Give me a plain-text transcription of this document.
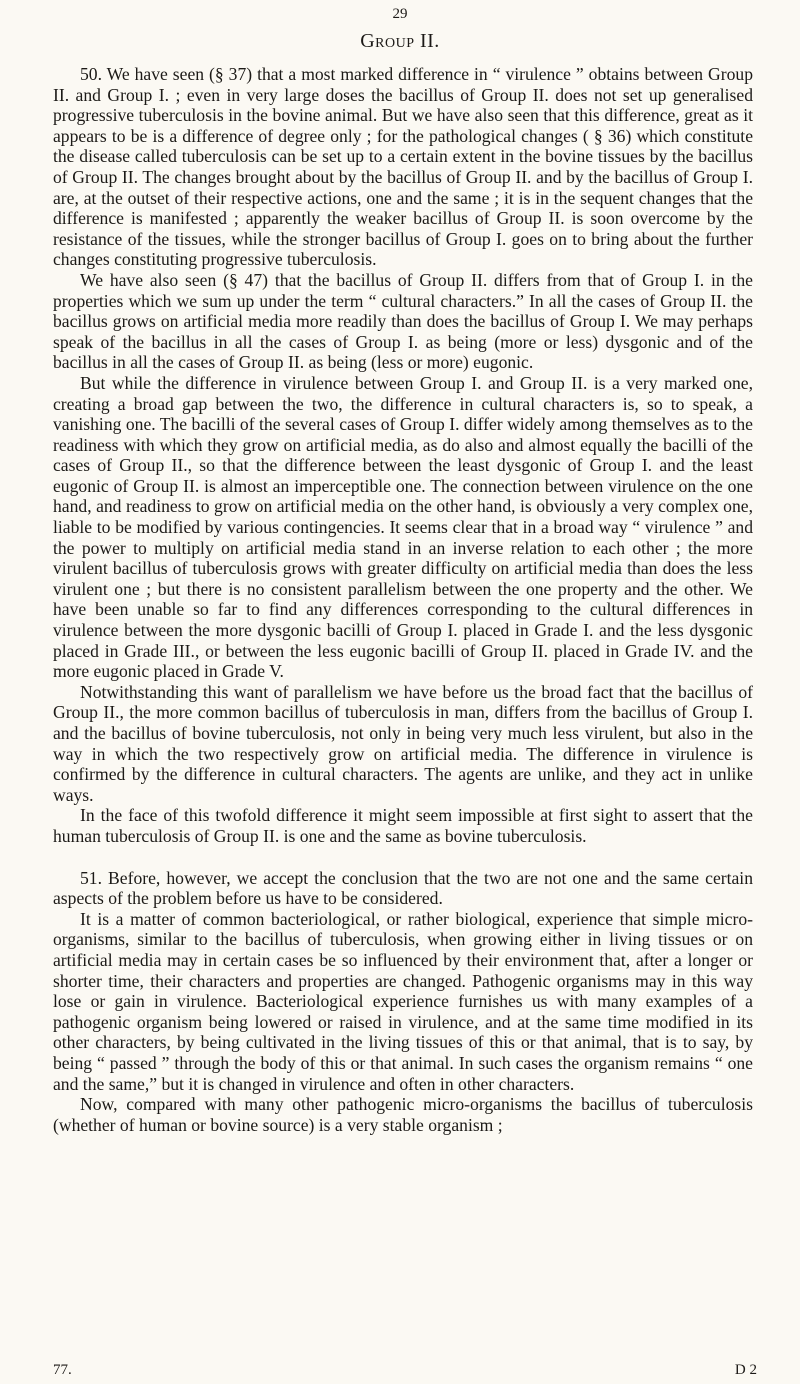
29
Group II.

50. We have seen (§ 37) that a most marked difference in “ virulence ” obtains between Group II. and Group I. ; even in very large doses the bacillus of Group II. does not set up generalised progressive tuberculosis in the bovine animal. But we have also seen that this difference, great as it appears to be is a difference of degree only ; for the pathological changes ( § 36) which constitute the disease called tuberculosis can be set up to a certain extent in the bovine tissues by the bacillus of Group II. The changes brought about by the bacillus of Group II. and by the bacillus of Group I. are, at the outset of their respective actions, one and the same ; it is in the sequent changes that the difference is manifested ; apparently the weaker bacillus of Group II. is soon overcome by the resistance of the tissues, while the stronger bacillus of Group I. goes on to bring about the further changes constituting progressive tuberculosis.

We have also seen (§ 47) that the bacillus of Group II. differs from that of Group I. in the properties which we sum up under the term “ cultural characters.” In all the cases of Group II. the bacillus grows on artificial media more readily than does the bacillus of Group I. We may perhaps speak of the bacillus in all the cases of Group I. as being (more or less) dysgonic and of the bacillus in all the cases of Group II. as being (less or more) eugonic.

But while the difference in virulence between Group I. and Group II. is a very marked one, creating a broad gap between the two, the difference in cultural characters is, so to speak, a vanishing one. The bacilli of the several cases of Group I. differ widely among themselves as to the readiness with which they grow on artificial media, as do also and almost equally the bacilli of the cases of Group II., so that the difference between the least dysgonic of Group I. and the least eugonic of Group II. is almost an imperceptible one. The connection between virulence on the one hand, and readiness to grow on artificial media on the other hand, is obviously a very complex one, liable to be modified by various contingencies. It seems clear that in a broad way “ virulence ” and the power to multiply on artificial media stand in an inverse relation to each other ; the more virulent bacillus of tuberculosis grows with greater difficulty on artificial media than does the less virulent one ; but there is no consistent parallelism between the one property and the other. We have been unable so far to find any differences corresponding to the cultural differences in virulence between the more dysgonic bacilli of Group I. placed in Grade I. and the less dysgonic placed in Grade III., or between the less eugonic bacilli of Group II. placed in Grade IV. and the more eugonic placed in Grade V.

Notwithstanding this want of parallelism we have before us the broad fact that the bacillus of Group II., the more common bacillus of tuberculosis in man, differs from the bacillus of Group I. and the bacillus of bovine tuberculosis, not only in being very much less virulent, but also in the way in which the two respectively grow on artificial media. The difference in virulence is confirmed by the difference in cultural characters. The agents are unlike, and they act in unlike ways.

In the face of this twofold difference it might seem impossible at first sight to assert that the human tuberculosis of Group II. is one and the same as bovine tuberculosis.

51. Before, however, we accept the conclusion that the two are not one and the same certain aspects of the problem before us have to be considered.

It is a matter of common bacteriological, or rather biological, experience that simple micro-organisms, similar to the bacillus of tuberculosis, when growing either in living tissues or on artificial media may in certain cases be so influenced by their environment that, after a longer or shorter time, their characters and properties are changed. Pathogenic organisms may in this way lose or gain in virulence. Bacteriological experience furnishes us with many examples of a pathogenic organism being lowered or raised in virulence, and at the same time modified in its other characters, by being cultivated in the living tissues of this or that animal, that is to say, by being “ passed ” through the body of this or that animal. In such cases the organism remains “ one and the same,” but it is changed in virulence and often in other characters.

Now, compared with many other pathogenic micro-organisms the bacillus of tuberculosis (whether of human or bovine source) is a very stable organism ;

77.	D 2
